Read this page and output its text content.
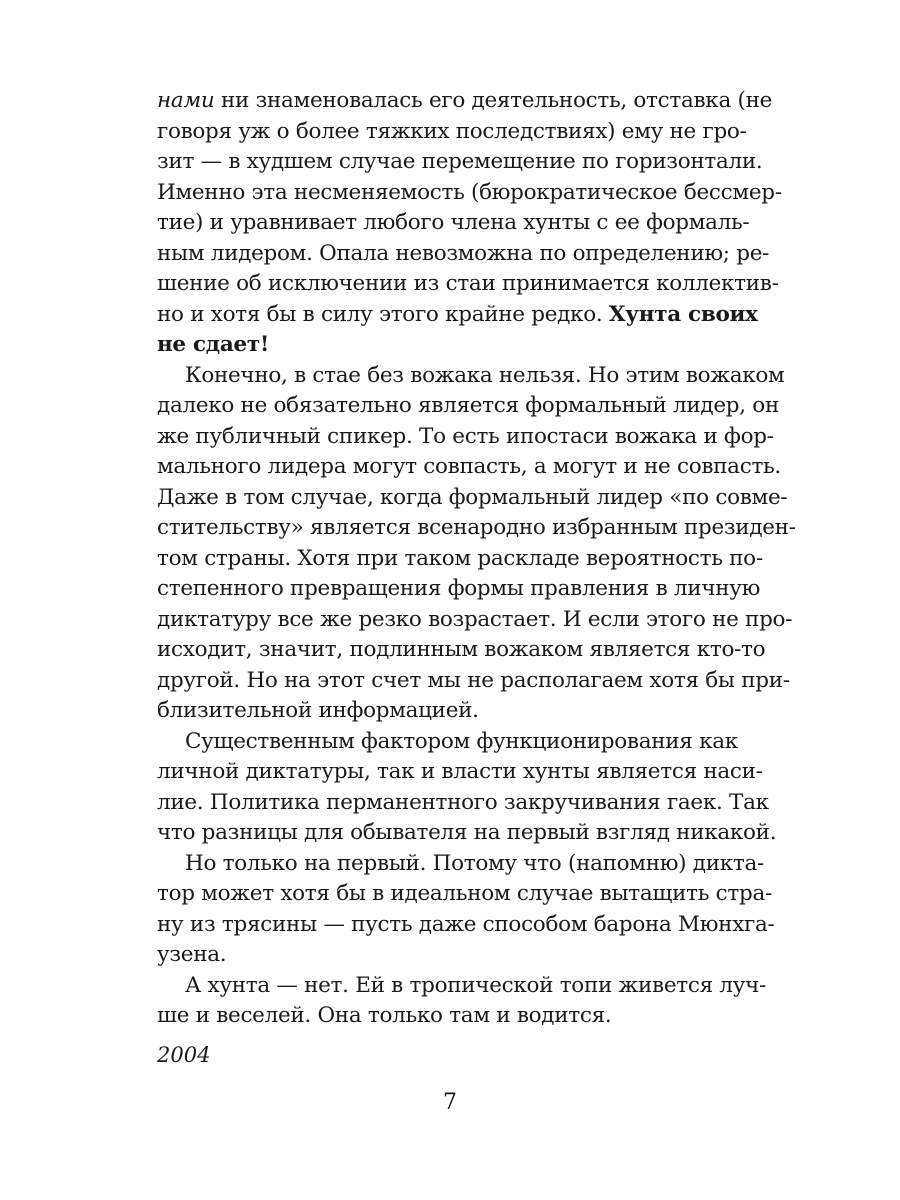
нами ни знаменовалась его деятельность, отставка (не
говоря уж о более тяжких последствиях) ему не гро-
зит — в худшем случае перемещение по горизонтали.
Именно эта несменяемость (бюрократическое бессмер-
тие) и уравнивает любого члена хунты с ее формаль-
ным лидером. Опала невозможна по определению; ре-
шение об исключении из стаи принимается коллектив-
но и хотя бы в силу этого крайне редко. Хунта своих
не сдает!
Конечно, в стае без вожака нельзя. Но этим вожаком
далеко не обязательно является формальный лидер, он
же публичный спикер. То есть ипостаси вожака и фор-
мального лидера могут совпасть, а могут и не совпасть.
Даже в том случае, когда формальный лидер «по совме-
стительству» является всенародно избранным президен-
том страны. Хотя при таком раскладе вероятность по-
степенного превращения формы правления в личную
диктатуру все же резко возрастает. И если этого не про-
исходит, значит, подлинным вожаком является кто-то
другой. Но на этот счет мы не располагаем хотя бы при-
близительной информацией.
Существенным фактором функционирования как
личной диктатуры, так и власти хунты является наси-
лие. Политика перманентного закручивания гаек. Так
что разницы для обывателя на первый взгляд никакой.
Но только на первый. Потому что (напомню) дикта-
тор может хотя бы в идеальном случае вытащить стра-
ну из трясины — пусть даже способом барона Мюнхга-
узена.
А хунта — нет. Ей в тропической топи живется луч-
ше и веселей. Она только там и водится.
2004
7
